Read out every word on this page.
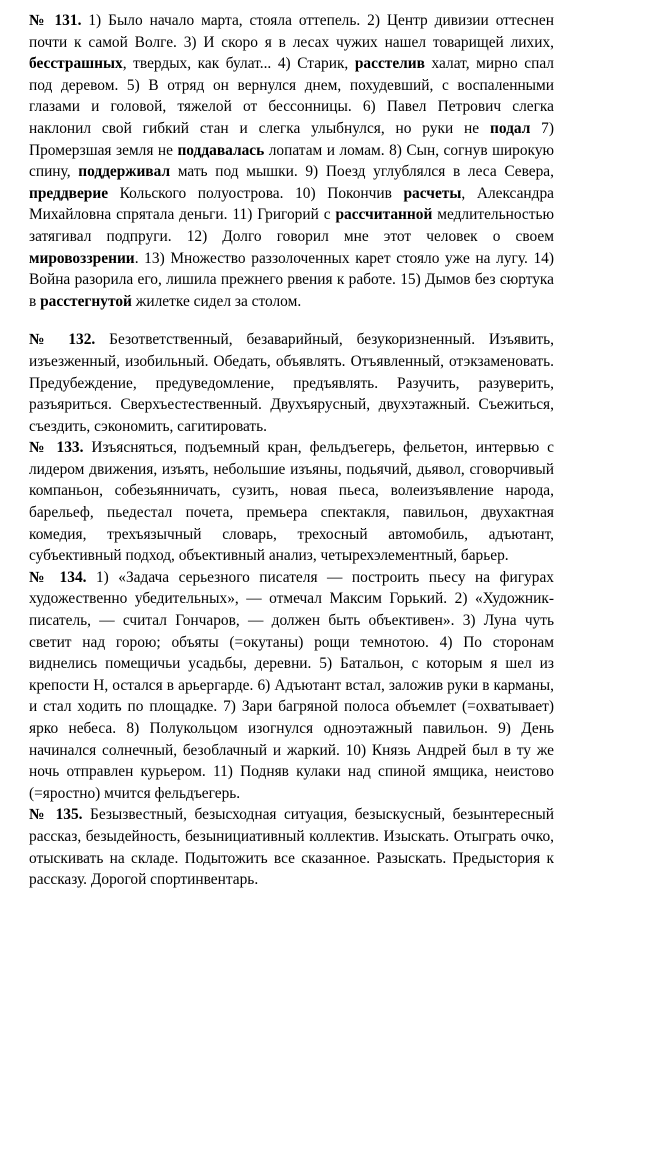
№ 131. 1) Было начало марта, стояла оттепель. 2) Центр дивизии оттеснен почти к самой Волге. 3) И скоро я в лесах чужих нашел товарищей лихих, бесстрашных, твердых, как булат... 4) Старик, расстелив халат, мирно спал под деревом. 5) В отряд он вернулся днем, похудевший, с воспаленными глазами и головой, тяжелой от бессонницы. 6) Павел Петрович слегка наклонил свой гибкий стан и слегка улыбнулся, но руки не подал 7) Промерзшая земля не поддавалась лопатам и ломам. 8) Сын, согнув широкую спину, поддерживал мать под мышки. 9) Поезд углублялся в леса Севера, преддверие Кольского полуострова. 10) Покончив расчеты, Александра Михайловна спрятала деньги. 11) Григорий с рассчитанной медлительностью затягивал подпруги. 12) Долго говорил мне этот человек о своем мировоззрении. 13) Множество раззолоченных карет стояло уже на лугу. 14) Война разорила его, лишила прежнего рвения к работе. 15) Дымов без сюртука в расстегнутой жилетке сидел за столом.

№ 132. Безответственный, безаварийный, безукоризненный. Изъявить, изъезженный, изобильный. Обедать, объявлять. Отъявленный, отэкзаменовать. Предубеждение, предуведомление, предъявлять. Разучить, разуверить, разъяриться. Сверхъестественный. Двухъярусный, двухэтажный. Съежиться, съездить, сэкономить, сагитировать.

№ 133. Изъясняться, подъемный кран, фельдъегерь, фельетон, интервью с лидером движения, изъять, небольшие изъяны, подьячий, дьявол, сговорчивый компаньон, собезьянничать, сузить, новая пьеса, волеизъявление народа, барельеф, пьедестал почета, премьера спектакля, павильон, двухактная комедия, трехъязычный словарь, трехосный автомобиль, адъютант, субъективный подход, объективный анализ, четырехэлементный, барьер.

№ 134. 1) «Задача серьезного писателя — построить пьесу на фигурах художественно убедительных», — отмечал Максим Горький. 2) «Художник-писатель, — считал Гончаров, — должен быть объективен». 3) Луна чуть светит над горою; объяты (=окутаны) рощи темнотою. 4) По сторонам виднелись помещичьи усадьбы, деревни. 5) Батальон, с которым я шел из крепости Н, остался в арьергарде. 6) Адъютант встал, заложив руки в карманы, и стал ходить по площадке. 7) Зари багряной полоса объемлет (=охватывает) ярко небеса. 8) Полукольцом изогнулся одноэтажный павильон. 9) День начинался солнечный, безоблачный и жаркий. 10) Князь Андрей был в ту же ночь отправлен курьером. 11) Подняв кулаки над спиной ямщика, неистово (=яростно) мчится фельдъегерь.

№ 135. Безызвестный, безысходная ситуация, безыскусный, безынтересный рассказ, безыдейность, безынициативный коллектив. Изыскать. Отыграть очко, отыскивать на складе. Подытожить все сказанное. Разыскать. Предыстория к рассказу. Дорогой спортинвентарь.
